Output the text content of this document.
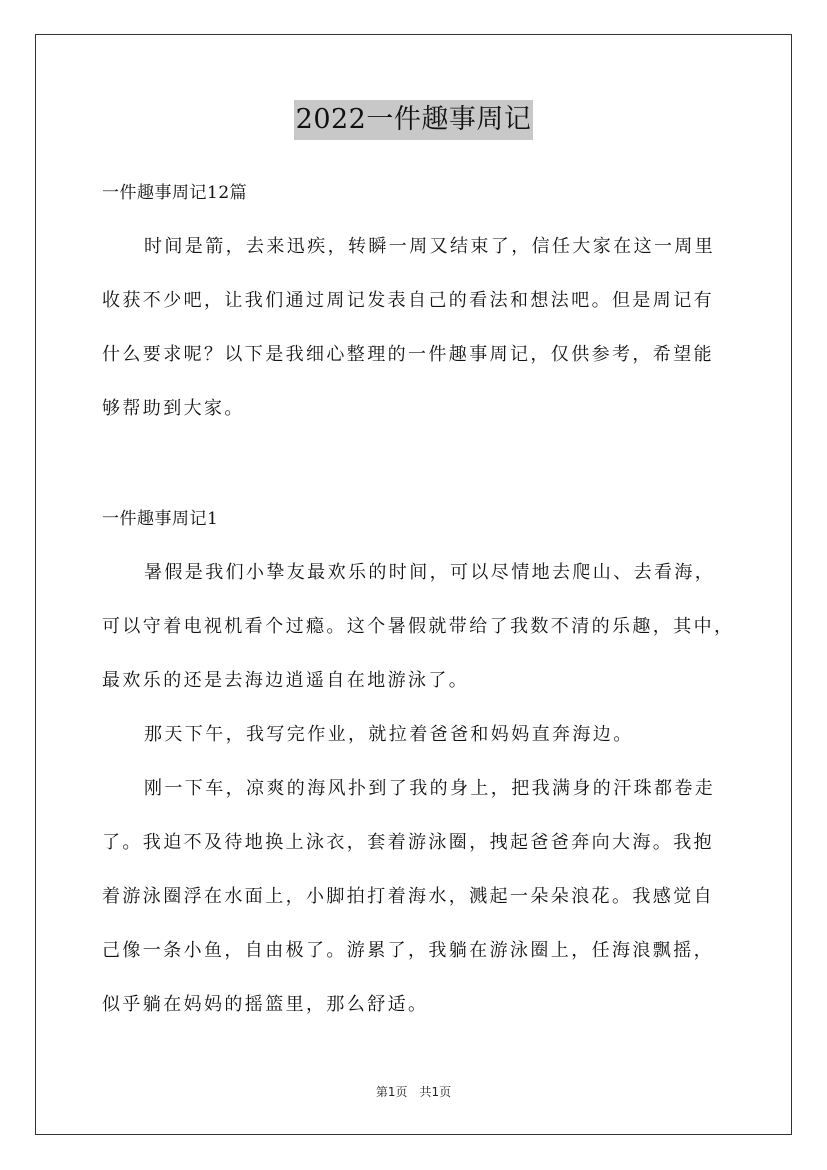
2022一件趣事周记
一件趣事周记12篇
时间是箭，去来迅疾，转瞬一周又结束了，信任大家在这一周里
收获不少吧，让我们通过周记发表自己的看法和想法吧。但是周记有
什么要求呢？以下是我细心整理的一件趣事周记，仅供参考，希望能
够帮助到大家。
一件趣事周记1
暑假是我们小挚友最欢乐的时间，可以尽情地去爬山、去看海，
可以守着电视机看个过瘾。这个暑假就带给了我数不清的乐趣，其中，
最欢乐的还是去海边逍遥自在地游泳了。
那天下午，我写完作业，就拉着爸爸和妈妈直奔海边。
刚一下车，凉爽的海风扑到了我的身上，把我满身的汗珠都卷走
了。我迫不及待地换上泳衣，套着游泳圈，拽起爸爸奔向大海。我抱
着游泳圈浮在水面上，小脚拍打着海水，溅起一朵朵浪花。我感觉自
己像一条小鱼，自由极了。游累了，我躺在游泳圈上，任海浪飘摇，
似乎躺在妈妈的摇篮里，那么舒适。
第1页　共1页
